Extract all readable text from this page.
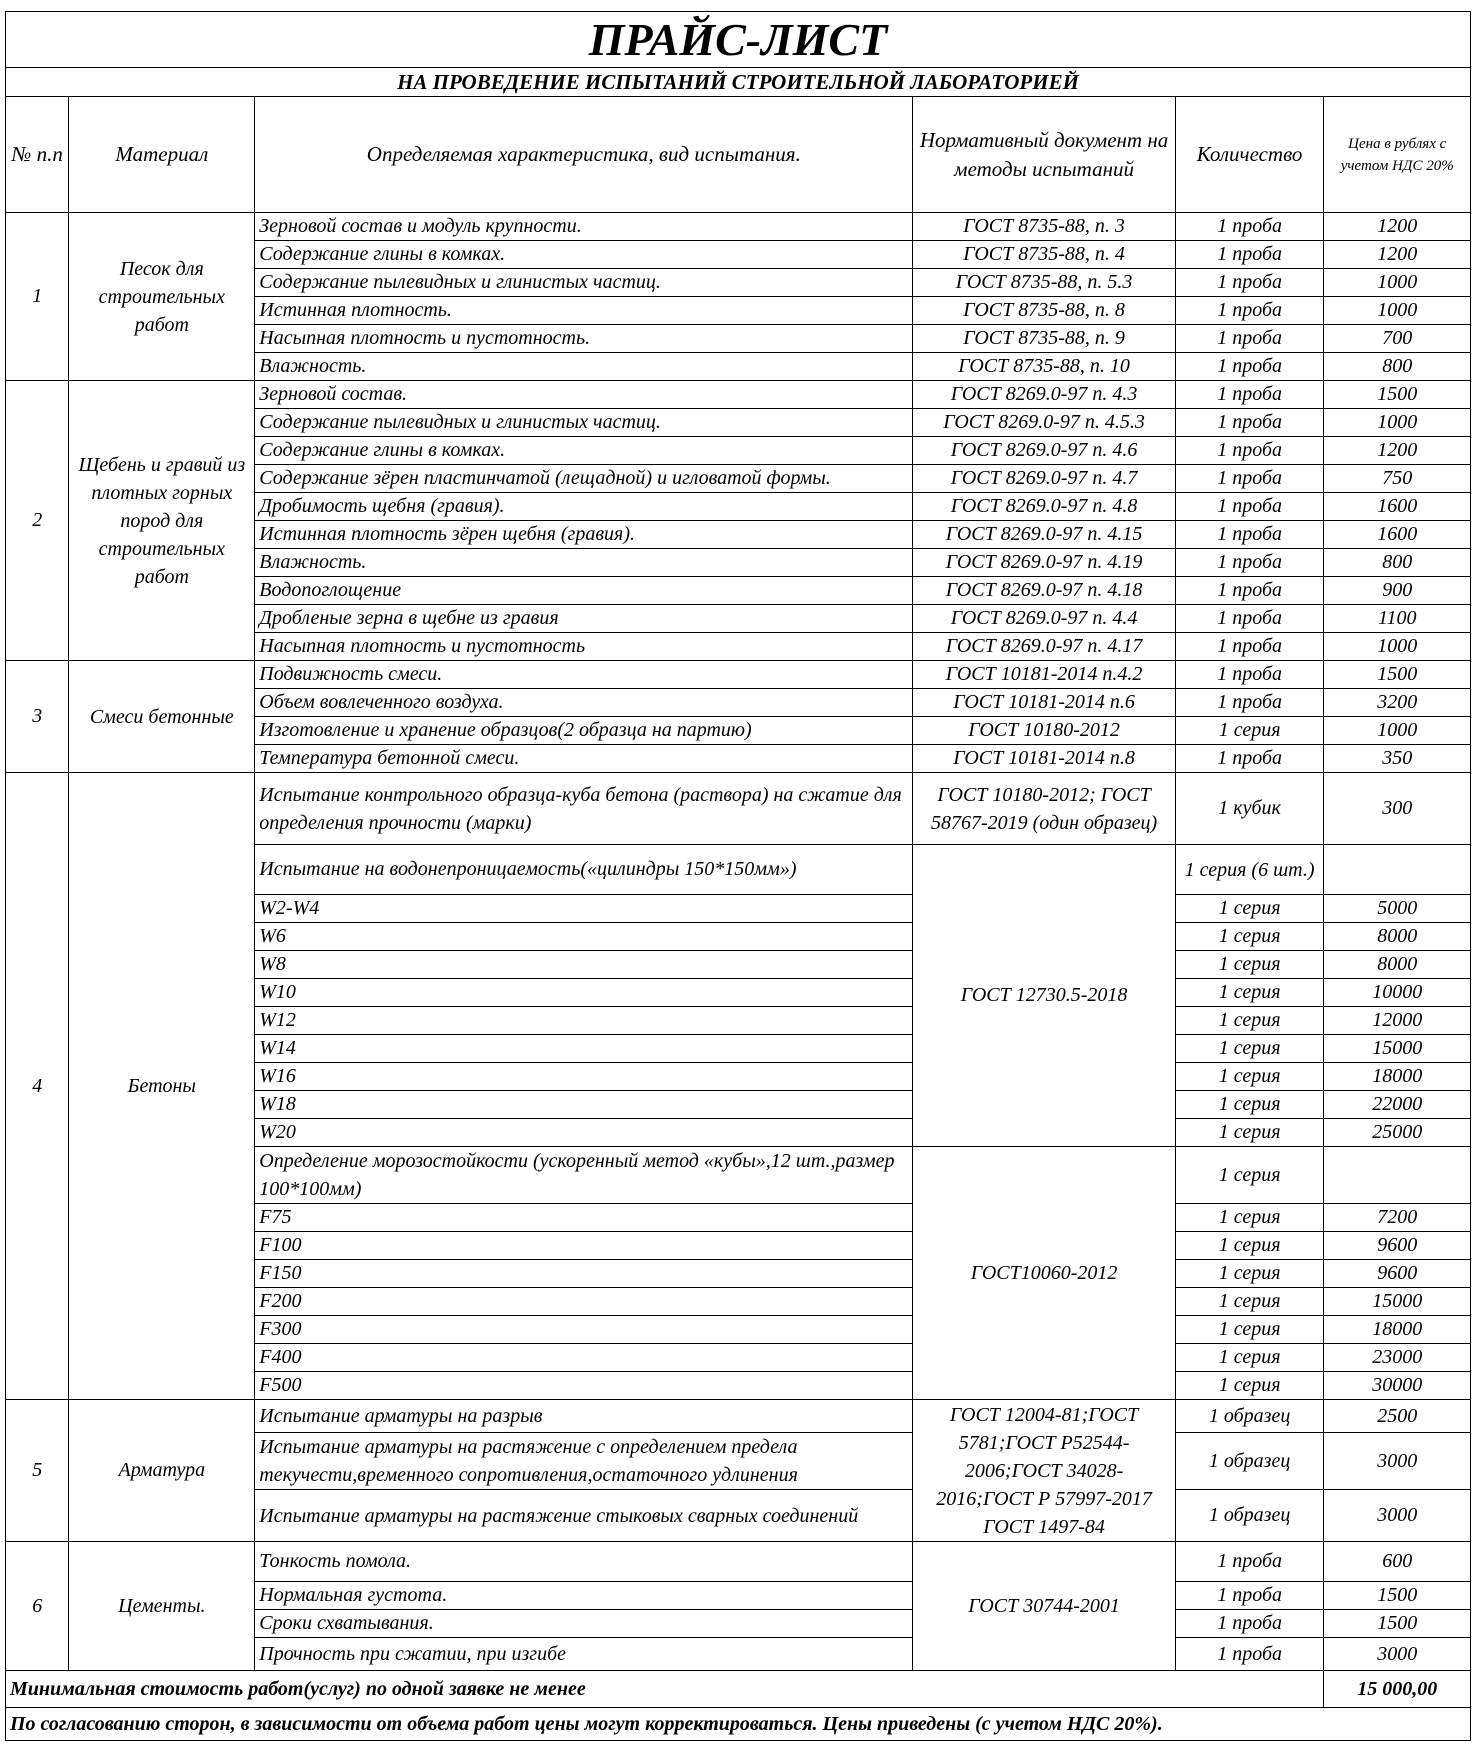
ПРАЙС-ЛИСТ					
НА ПРОВЕДЕНИЕ ИСПЫТАНИЙ СТРОИТЕЛЬНОЙ ЛАБОРАТОРИЕЙ					
№ п.п	Материал	Определяемая характеристика, вид испытания.	Нормативный документ на методы испытаний	Количество	Цена в рублях с учетом НДС 20%
1	Песок для строительных работ	Зерновой состав и модуль крупности.	ГОСТ 8735-88, п. 3	1 проба	1200
		Содержание глины в комках.	ГОСТ 8735-88, п. 4	1 проба	1200
		Содержание пылевидных и глинистых частиц.	ГОСТ 8735-88, п. 5.3	1 проба	1000
		Истинная плотность.	ГОСТ 8735-88, п. 8	1 проба	1000
		Насыпная плотность и пустотность.	ГОСТ 8735-88, п. 9	1 проба	700
		Влажность.	ГОСТ 8735-88, п. 10	1 проба	800
2	Щебень и гравий из плотных горных пород для строительных работ	Зерновой состав.	ГОСТ 8269.0-97 п. 4.3	1 проба	1500
		Содержание пылевидных и глинистых частиц.	ГОСТ 8269.0-97 п. 4.5.3	1 проба	1000
		Содержание глины в комках.	ГОСТ 8269.0-97 п. 4.6	1 проба	1200
		Содержание зёрен пластинчатой (лещадной) и игловатой формы.	ГОСТ 8269.0-97 п. 4.7	1 проба	750
		Дробимость щебня (гравия).	ГОСТ 8269.0-97 п. 4.8	1 проба	1600
		Истинная плотность зёрен щебня (гравия).	ГОСТ 8269.0-97 п. 4.15	1 проба	1600
		Влажность.	ГОСТ 8269.0-97 п. 4.19	1 проба	800
		Водопоглощение	ГОСТ 8269.0-97 п. 4.18	1 проба	900
		Дробленые зерна в щебне из гравия	ГОСТ 8269.0-97 п. 4.4	1 проба	1100
		Насыпная плотность и пустотность	ГОСТ 8269.0-97 п. 4.17	1 проба	1000
3	Смеси бетонные	Подвижность смеси.	ГОСТ 10181-2014 п.4.2	1 проба	1500
		Объем вовлеченного воздуха.	ГОСТ 10181-2014 п.6	1 проба	3200
		Изготовление и хранение образцов(2 образца на партию)	ГОСТ 10180-2012	1 серия	1000
		Температура бетонной смеси.	ГОСТ 10181-2014 п.8	1 проба	350
4	Бетоны	Испытание контрольного образца-куба бетона (раствора) на сжатие для определения прочности (марки)	ГОСТ 10180-2012; ГОСТ 58767-2019 (один образец)	1 кубик	300
		Испытание на водонепроницаемость(«цилиндры 150*150мм»)	ГОСТ 12730.5-2018	1 серия (6 шт.)	
		W2-W4		1 серия	5000
		W6		1 серия	8000
		W8		1 серия	8000
		W10		1 серия	10000
		W12		1 серия	12000
		W14		1 серия	15000
		W16		1 серия	18000
		W18		1 серия	22000
		W20		1 серия	25000
		Определение морозостойкости (ускоренный метод «кубы»,12 шт.,размер 100*100мм)	ГОСТ10060-2012	1 серия	
		F75		1 серия	7200
		F100		1 серия	9600
		F150		1 серия	9600
		F200		1 серия	15000
		F300		1 серия	18000
		F400		1 серия	23000
		F500		1 серия	30000
5	Арматура	Испытание арматуры на разрыв	ГОСТ 12004-81;ГОСТ 5781;ГОСТ Р52544-2006;ГОСТ 34028-2016;ГОСТ Р 57997-2017 ГОСТ 1497-84	1 образец	2500
		Испытание арматуры на растяжение с определением предела текучести,временного сопротивления,остаточного удлинения		1 образец	3000
		Испытание арматуры на растяжение стыковых сварных соединений		1 образец	3000
6	Цементы.	Тонкость помола.	ГОСТ 30744-2001	1 проба	600
		Нормальная густота.		1 проба	1500
		Сроки схватывания.		1 проба	1500
		Прочность при сжатии, при изгибе		1 проба	3000
Минимальная стоимость работ(услуг) по одной заявке не менее					15 000,00
По согласованию сторон, в зависимости от объема работ цены могут корректироваться. Цены приведены (с учетом НДС 20%).					
